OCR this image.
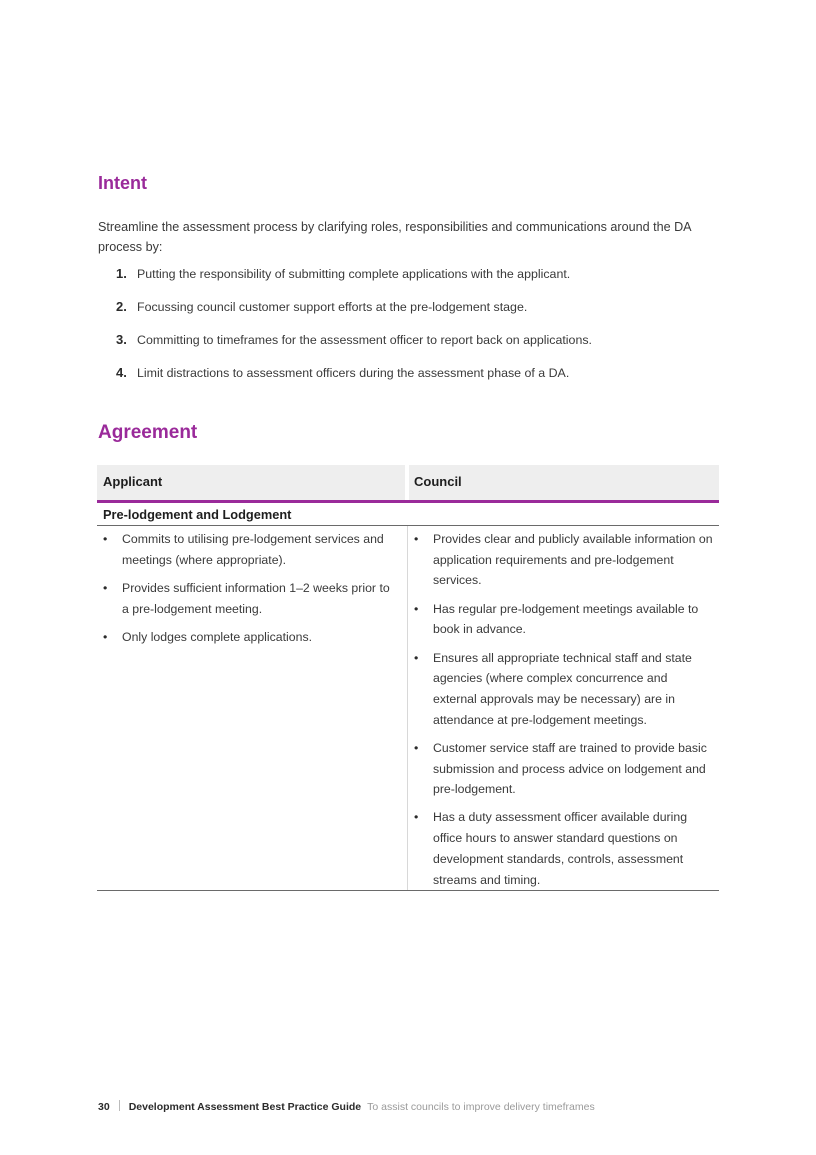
Intent

Streamline the assessment process by clarifying roles, responsibilities and communications around the DA process by:

1. Putting the responsibility of submitting complete applications with the applicant.
2. Focussing council customer support efforts at the pre-lodgement stage.
3. Committing to timeframes for the assessment officer to report back on applications.
4. Limit distractions to assessment officers during the assessment phase of a DA.
Agreement
Applicant	Council
Pre-lodgement and Lodgement
• Commits to utilising pre-lodgement services and meetings (where appropriate).
• Provides sufficient information 1–2 weeks prior to a pre-lodgement meeting.
• Only lodges complete applications.
• Provides clear and publicly available information on application requirements and pre-lodgement services.
• Has regular pre-lodgement meetings available to book in advance.
• Ensures all appropriate technical staff and state agencies (where complex concurrence and external approvals may be necessary) are in attendance at pre-lodgement meetings.
• Customer service staff are trained to provide basic submission and process advice on lodgement and pre-lodgement.
• Has a duty assessment officer available during office hours to answer standard questions on development standards, controls, assessment streams and timing.
30 Development Assessment Best Practice Guide To assist councils to improve delivery timeframes
